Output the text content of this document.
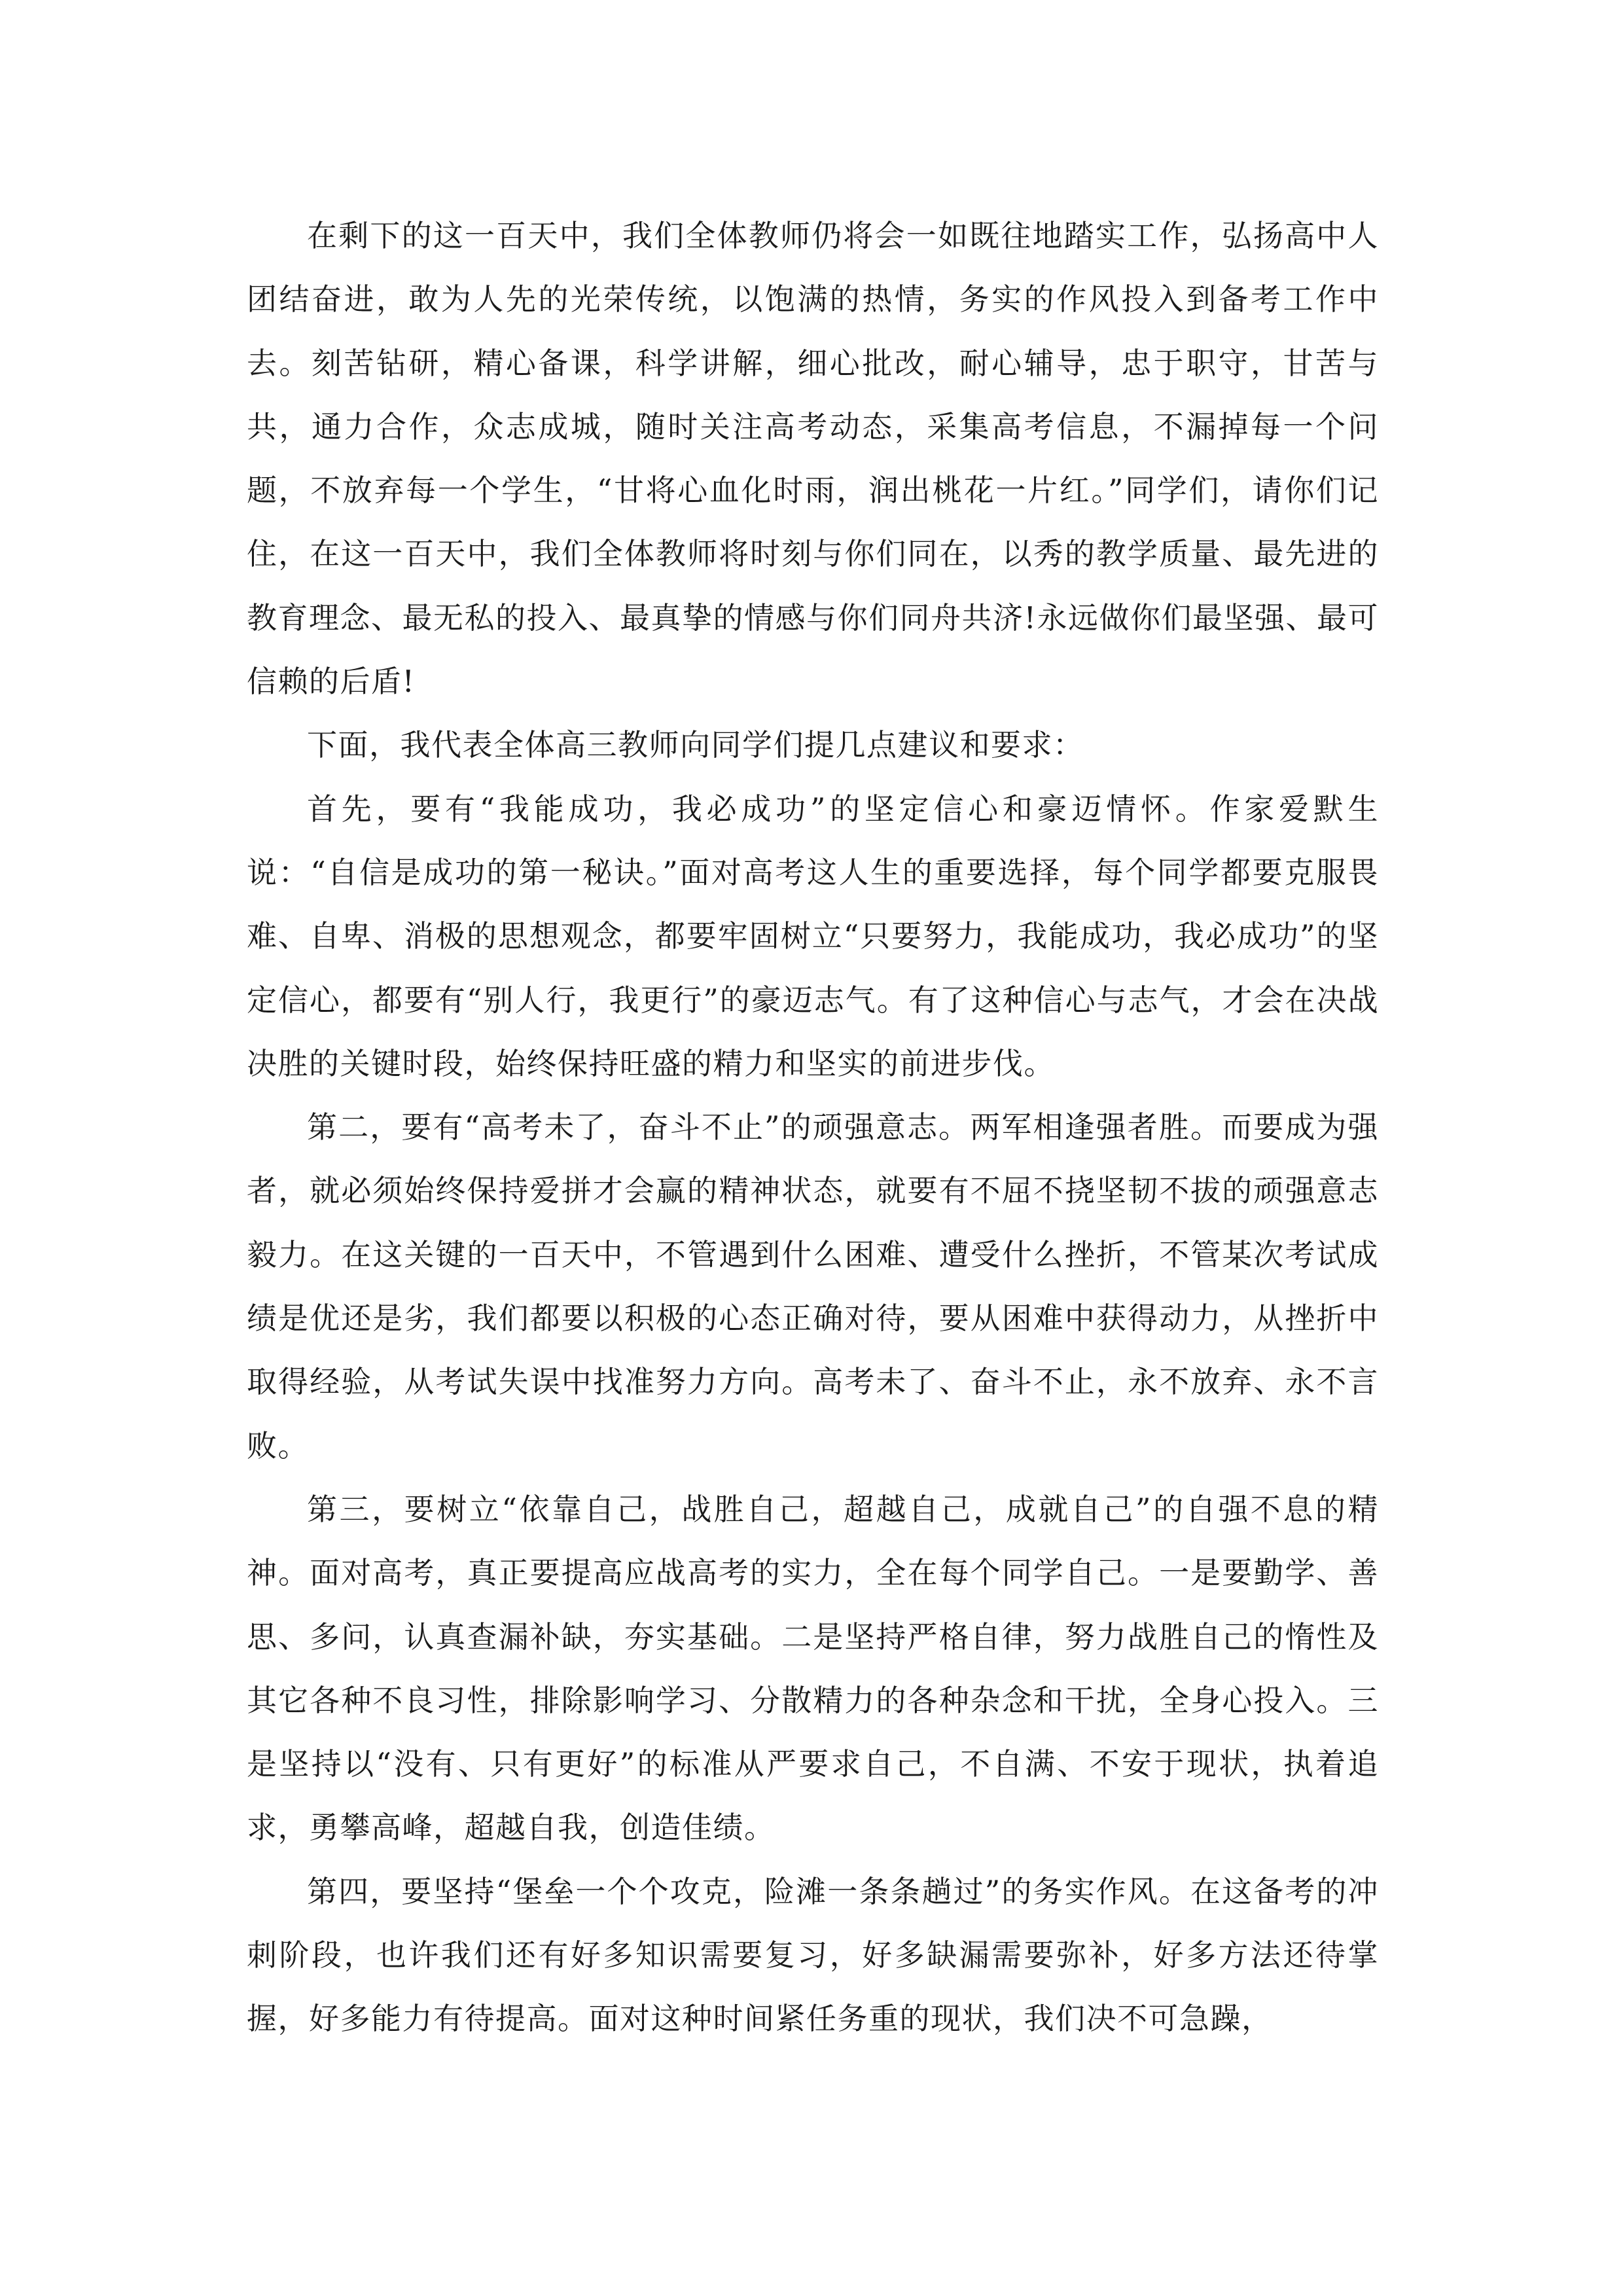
在剩下的这一百天中，我们全体教师仍将会一如既往地踏实工作，弘扬高中人团结奋进，敢为人先的光荣传统，以饱满的热情，务实的作风投入到备考工作中去。刻苦钻研，精心备课，科学讲解，细心批改，耐心辅导，忠于职守，甘苦与共，通力合作，众志成城，随时关注高考动态，采集高考信息，不漏掉每一个问题，不放弃每一个学生，“甘将心血化时雨，润出桃花一片红。”同学们，请你们记住，在这一百天中，我们全体教师将时刻与你们同在，以秀的教学质量、最先进的教育理念、最无私的投入、最真挚的情感与你们同舟共济!永远做你们最坚强、最可信赖的后盾!

下面，我代表全体高三教师向同学们提几点建议和要求：

首先，要有“我能成功，我必成功”的坚定信心和豪迈情怀。作家爱默生说：“自信是成功的第一秘诀。”面对高考这人生的重要选择，每个同学都要克服畏难、自卑、消极的思想观念，都要牢固树立“只要努力，我能成功，我必成功”的坚定信心，都要有“别人行，我更行”的豪迈志气。有了这种信心与志气，才会在决战决胜的关键时段，始终保持旺盛的精力和坚实的前进步伐。

第二，要有“高考未了，奋斗不止”的顽强意志。两军相逢强者胜。而要成为强者，就必须始终保持爱拼才会赢的精神状态，就要有不屈不挠坚韧不拔的顽强意志毅力。在这关键的一百天中，不管遇到什么困难、遭受什么挫折，不管某次考试成绩是优还是劣，我们都要以积极的心态正确对待，要从困难中获得动力，从挫折中取得经验，从考试失误中找准努力方向。高考未了、奋斗不止，永不放弃、永不言败。

第三，要树立“依靠自己，战胜自己，超越自己，成就自己”的自强不息的精神。面对高考，真正要提高应战高考的实力，全在每个同学自己。一是要勤学、善思、多问，认真查漏补缺，夯实基础。二是坚持严格自律，努力战胜自己的惰性及其它各种不良习性，排除影响学习、分散精力的各种杂念和干扰，全身心投入。三是坚持以“没有、只有更好”的标准从严要求自己，不自满、不安于现状，执着追求，勇攀高峰，超越自我，创造佳绩。

第四，要坚持“堡垒一个个攻克，险滩一条条趟过”的务实作风。在这备考的冲刺阶段，也许我们还有好多知识需要复习，好多缺漏需要弥补，好多方法还待掌握，好多能力有待提高。面对这种时间紧任务重的现状，我们决不可急躁，
